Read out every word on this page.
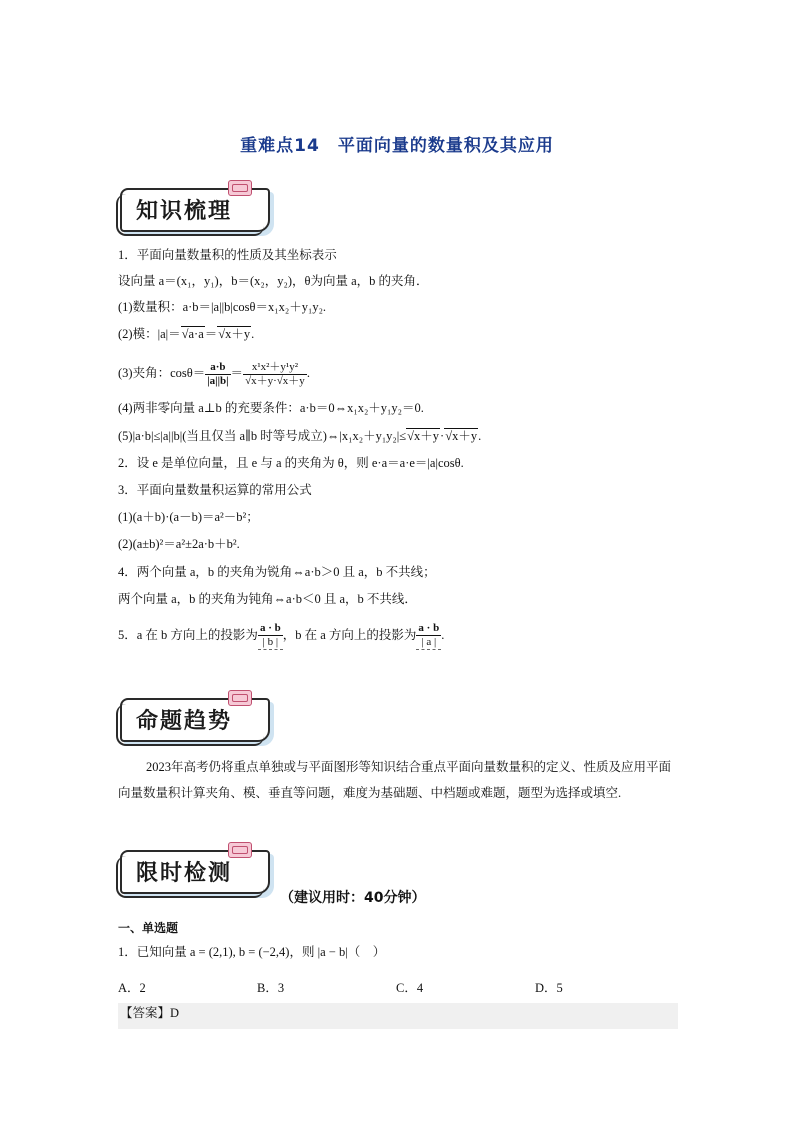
重难点14　平面向量的数量积及其应用
知识梳理
1．平面向量数量积的性质及其坐标表示
设向量 a＝(x₁，y₁)，b＝(x₂，y₂)，θ为向量 a，b 的夹角．
(1)数量积：a·b＝|a||b|cosθ＝x₁x₂＋y₁y₂.
(2)模：|a|＝√a·a＝√x＋y.
(3)夹角：$\cos\theta= \frac{a\cdot b}{|a||b|} = \frac{\text{x¹x²＋y¹y²}}{√x+y\cdot√x+y}$ .
(4)两非零向量 a⊥b 的充要条件：a·b＝0⇔x₁x₂＋y₁y₂＝0.
(5)|a·b|≤|a||b|(当且仅当 a∥b 时等号成立)⇔|x₁x₂＋y₁y₂|≤√x＋y·√x＋y.
2．设 e 是单位向量，且 e 与 a 的夹角为 θ，则 e·a＝a·e＝|a|cosθ.
3．平面向量数量积运算的常用公式
(1)(a＋b)·(a－b)＝a²－b²；
(2)(a±b)²＝a²±2a·b＋b².
4．两个向量 a，b 的夹角为锐角⇔a·b＞0 且 a，b 不共线；
两个向量 a，b 的夹角为钝角⇔a·b＜0 且 a，b 不共线．
5．a 在 b 方向上的投影为 $\frac{a \cdot b}{| b |}$ ，b 在 a 方向上的投影为 $\frac{a \cdot b}{| a |}$ .
命题趋势
2023年高考仍将重点单独或与平面图形等知识结合重点平面向量数量积的定义、性质及应用平面向量数量积计算夹角、模、垂直等问题，难度为基础题、中档题或难题，题型为选择或填空.
限时检测
（建议用时：40分钟）
一、单选题
1．已知向量 a = (2,1), b = (−2,4)，则 |a − b|（　）
A．2	B．3	C．4	D．5
【答案】D
